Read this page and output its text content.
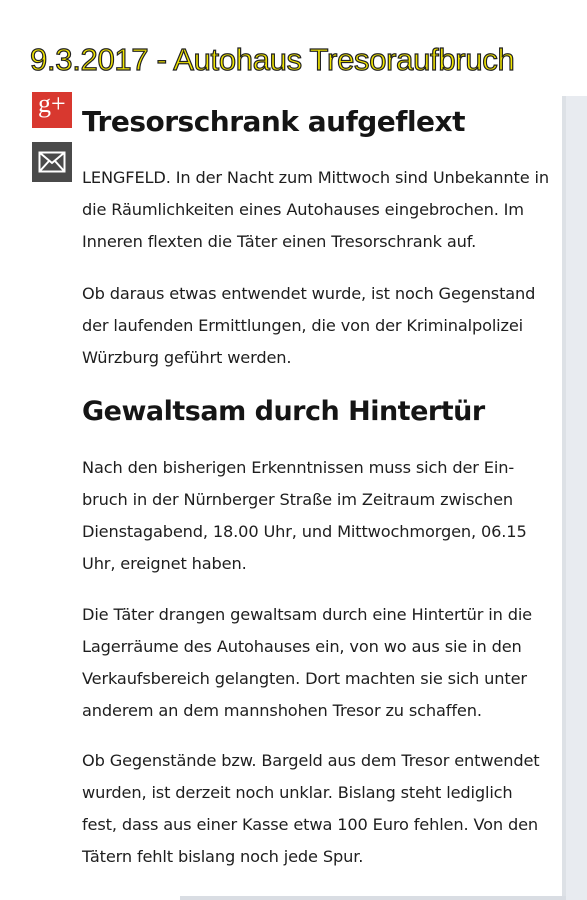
9.3.2017 - Autohaus Tresoraufbruch
g+
Tresorschrank aufgeflext

LENGFELD. In der Nacht zum Mittwoch sind Unbekannte in die Räumlichkeiten eines Autohauses eingebrochen. Im Inneren flexten die Täter einen Tresorschrank auf.

Ob daraus etwas entwendet wurde, ist noch Gegenstand der laufenden Ermittlungen, die von der Kriminalpolizei Würzburg geführt werden.

Gewaltsam durch Hintertür

Nach den bisherigen Erkenntnissen muss sich der Ein-bruch in der Nürnberger Straße im Zeitraum zwischen Dienstagabend, 18.00 Uhr, und Mittwochmorgen, 06.15 Uhr, ereignet haben.

Die Täter drangen gewaltsam durch eine Hintertür in die Lagerräume des Autohauses ein, von wo aus sie in den Verkaufsbereich gelangten. Dort machten sie sich unter anderem an dem mannshohen Tresor zu schaffen.

Ob Gegenstände bzw. Bargeld aus dem Tresor entwendet wurden, ist derzeit noch unklar. Bislang steht lediglich fest, dass aus einer Kasse etwa 100 Euro fehlen. Von den Tätern fehlt bislang noch jede Spur.
